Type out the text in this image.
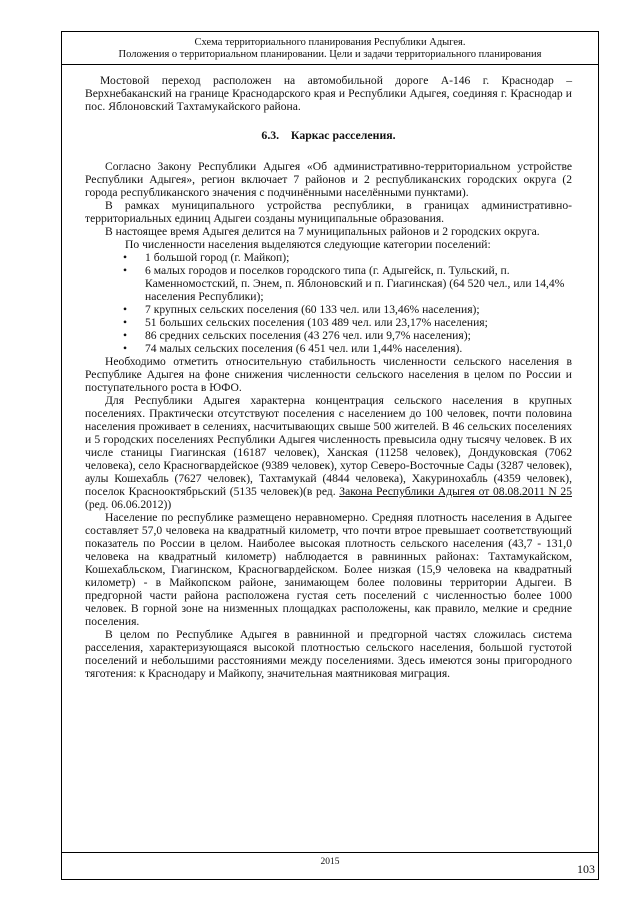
Схема территориального планирования Республики Адыгея.
Положения о территориальном планировании. Цели и задачи территориального планирования

Мостовой переход расположен на автомобильной дороге А-146 г. Краснодар – Верхнебаканский на границе Краснодарского края и Республики Адыгея, соединяя г. Краснодар и пос. Яблоновский Тахтамукайского района.

6.3. Каркас расселения.

Согласно Закону Республики Адыгея «Об административно-территориальном устройстве Республики Адыгея», регион включает 7 районов и 2 республиканских городских округа (2 города республиканского значения с подчинёнными населёнными пунктами).

В рамках муниципального устройства республики, в границах административно-территориальных единиц Адыгеи созданы муниципальные образования.

В настоящее время Адыгея делится на 7 муниципальных районов и 2 городских округа.

По численности населения выделяются следующие категории поселений:

• 1 большой город (г. Майкоп);
• 6 малых городов и поселков городского типа (г. Адыгейск, п. Тульский, п. Каменномостский, п. Энем, п. Яблоновский и п. Гиагинская) (64 520 чел., или 14,4% населения Республики);
• 7 крупных сельских поселения (60 133 чел. или 13,46% населения);
• 51 больших сельских поселения (103 489 чел. или 23,17% населения;
• 86 средних сельских поселения (43 276 чел. или 9,7% населения);
• 74 малых сельских поселения (6 451 чел. или 1,44% населения).

Необходимо отметить относительную стабильность численности сельского населения в Республике Адыгея на фоне снижения численности сельского населения в целом по России и поступательного роста в ЮФО.

Для Республики Адыгея характерна концентрация сельского населения в крупных поселениях. Практически отсутствуют поселения с населением до 100 человек, почти половина населения проживает в селениях, насчитывающих свыше 500 жителей. В 46 сельских поселениях и 5 городских поселениях Республики Адыгея численность превысила одну тысячу человек. В их числе станицы Гиагинская (16187 человек), Ханская (11258 человек), Дондуковская (7062 человека), село Красногвардейское (9389 человек), хутор Северо-Восточные Сады (3287 человек), аулы Кошехабль (7627 человек), Тахтамукай (4844 человека), Хакуринохабль (4359 человек), поселок Краснооктябрьский (5135 человек)(в ред. Закона Республики Адыгея от 08.08.2011 N 25 (ред. 06.06.2012))

Население по республике размещено неравномерно. Средняя плотность населения в Адыгее составляет 57,0 человека на квадратный километр, что почти втрое превышает соответствующий показатель по России в целом. Наиболее высокая плотность сельского населения (43,7 - 131,0 человека на квадратный километр) наблюдается в равнинных районах: Тахтамукайском, Кошехабльском, Гиагинском, Красногвардейском. Более низкая (15,9 человека на квадратный километр) - в Майкопском районе, занимающем более половины территории Адыгеи. В предгорной части района расположена густая сеть поселений с численностью более 1000 человек. В горной зоне на низменных площадках расположены, как правило, мелкие и средние поселения.

В целом по Республике Адыгея в равнинной и предгорной частях сложилась система расселения, характеризующаяся высокой плотностью сельского населения, большой густотой поселений и небольшими расстояниями между поселениями. Здесь имеются зоны пригородного тяготения: к Краснодару и Майкопу, значительная маятниковая миграция.

2015	103
